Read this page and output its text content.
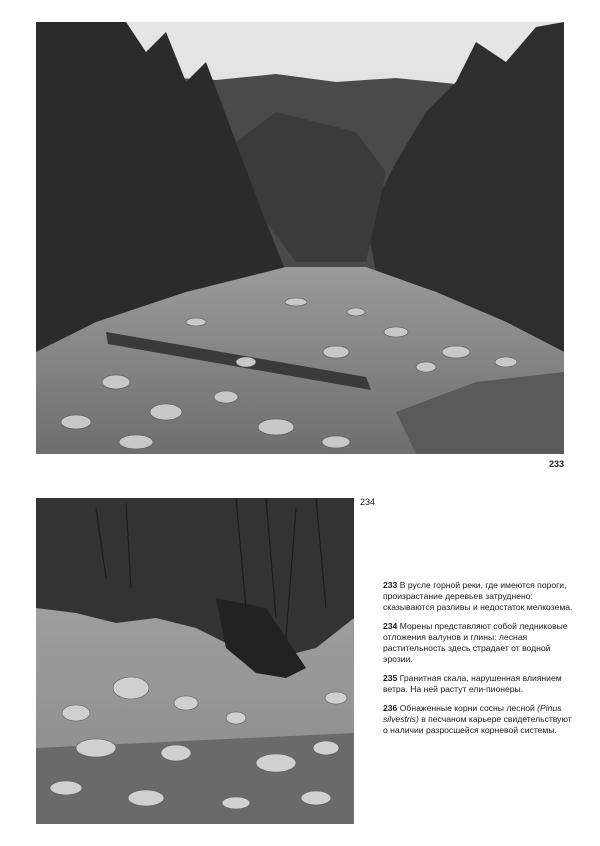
233
234

233 В русле горной реки, где имеются пороги, произрастание деревьев затруднено: сказываются разливы и недостаток мелкозема.

234 Морены представляют собой ледниковые отложения валунов и глины: лесная растительность здесь страдает от водной эрозии.

235 Гранитная скала, нарушенная влиянием ветра. На ней растут ели-пионеры.

236 Обнаженные корни сосны лесной (Pinus silvestris) в песчаном карьере свидетельствуют о наличии разросшейся корневой системы.
